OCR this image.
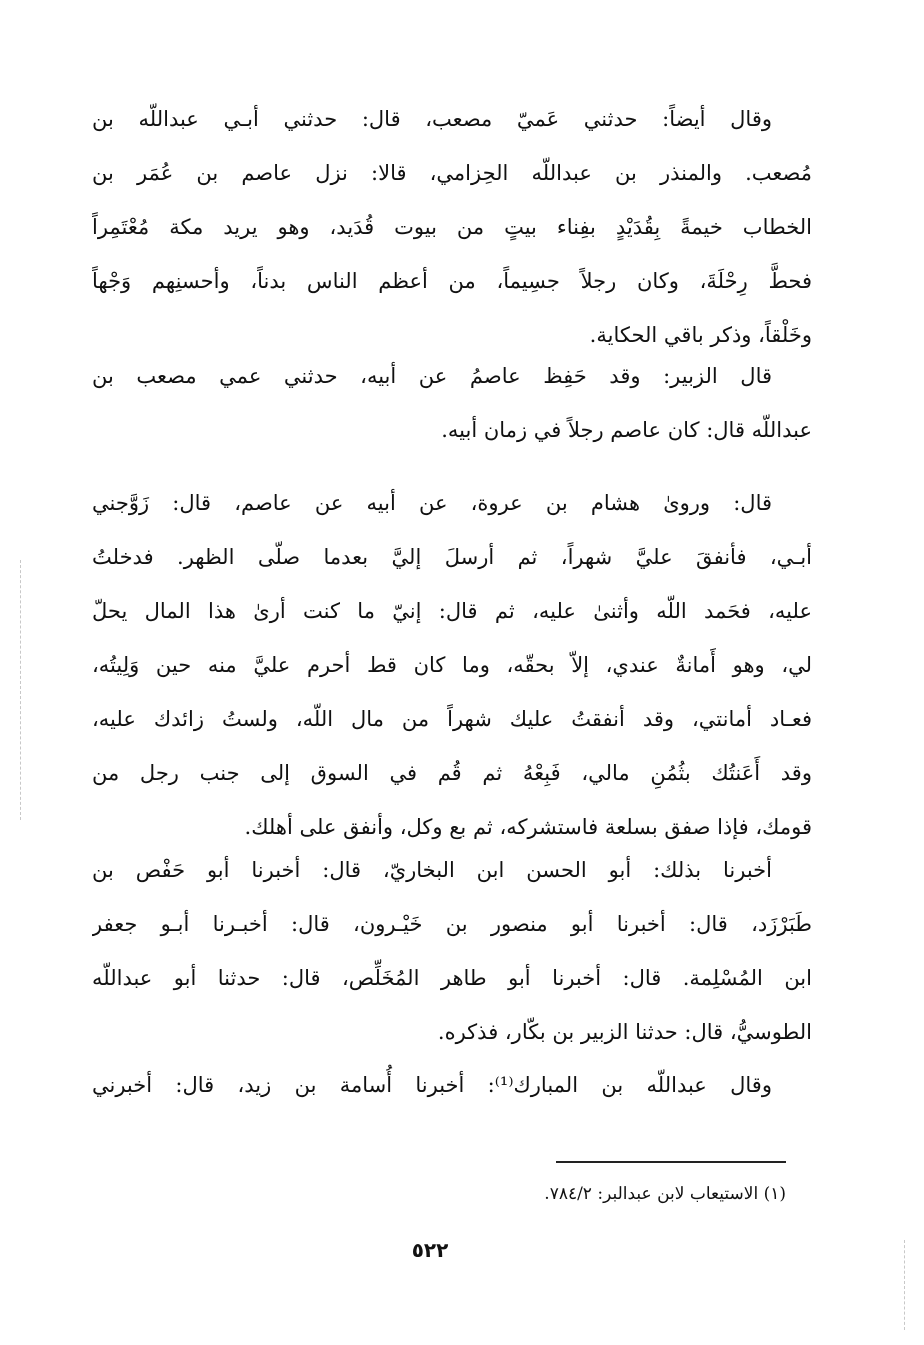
وقال أيضاً: حدثني عَميّ مصعب، قال: حدثني أبـي عبداللّه بن
مُصعب. والمنذر بن عبداللّه الحِزامي، قالا: نزل عاصم بن عُمَر بن
الخطاب خيمةً بِقُدَيْدٍ بفِناء بيتٍ من بيوت قُدَيد، وهو يريد مكة مُعْتَمِراً
فحطَّ رِحْلَةَ، وكان رجلاً جسِيماً، من أعظم الناس بدناً، وأحسنِهم وَجْهاً
وخَلْقاً، وذكر باقي الحكاية.
قال الزبير: وقد حَفِظ عاصمُ عن أبيه، حدثني عمي مصعب بن
عبداللّه قال: كان عاصم رجلاً في زمان أبيه.
قال: وروىٰ هشام بن عروة، عن أبيه عن عاصم، قال: زَوَّجني
أبـي، فأنفقَ عليَّ شهراً، ثم أرسلَ إليَّ بعدما صلّى الظهر. فدخلتُ
عليه، فحَمد اللّه وأثنىٰ عليه، ثم قال: إنيّ ما كنت أرىٰ هذا المال يحلّ
لي، وهو أَمانةٌ عندي، إلاّ بحقّه، وما كان قط أحرم عليَّ منه حين وَلِيتُه،
فعـاد أمانتي، وقد أنفقتُ عليك شهراً من مال اللّه، ولستُ زائدك عليه،
وقد أَعَنتُك بثُمُنِ مالي، فَبِعْهُ ثم قُم في السوق إلى جنب رجل من
قومك، فإذا صفق بسلعة فاستشركه، ثم بع وكل، وأنفق على أهلك.
أخبرنا بذلك: أبو الحسن ابن البخاريّ، قال: أخبرنا أبو حَفْص بن
طَبَرْزَد، قال: أخبرنا أبو منصور بن خَيْـرون، قال: أخبـرنا أبـو جعفر
ابن المُسْلِمة. قال: أخبرنا أبو طاهر المُخَلِّص، قال: حدثنا أبو عبداللّه
الطوسيُّ، قال: حدثنا الزبير بن بكّار، فذكره.
وقال عبداللّه بن المبارك⁽¹⁾: أخبرنا أُسامة بن زيد، قال: أخبرني
(١) الاستيعاب لابن عبدالبر: ٧٨٤/٢.
٥٢٢
